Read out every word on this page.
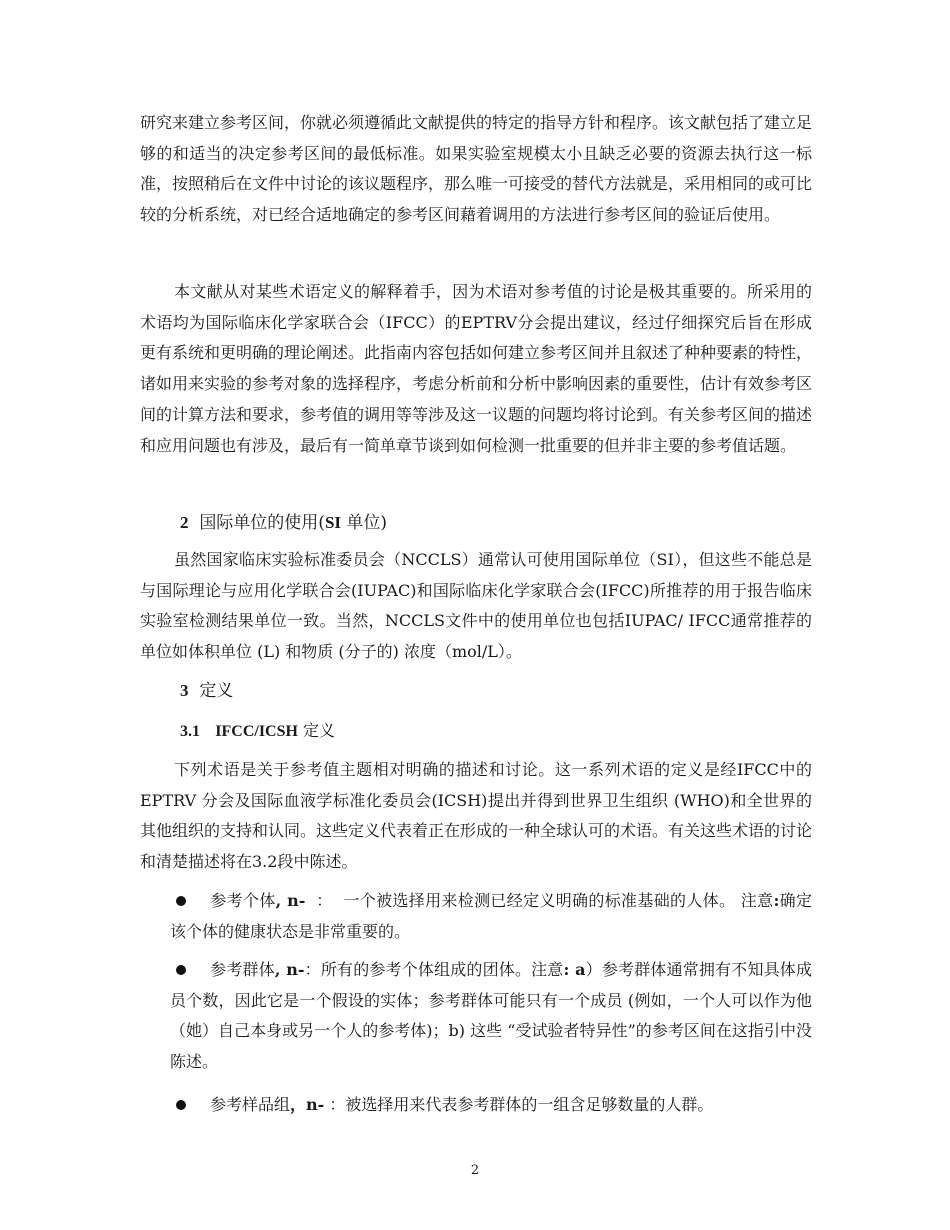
研究来建立参考区间，你就必须遵循此文献提供的特定的指导方针和程序。该文献包括了建立足够的和适当的决定参考区间的最低标准。如果实验室规模太小且缺乏必要的资源去执行这一标准，按照稍后在文件中讨论的该议题程序，那么唯一可接受的替代方法就是，采用相同的或可比较的分析系统，对已经合适地确定的参考区间藉着调用的方法进行参考区间的验证后使用。

本文献从对某些术语定义的解释着手，因为术语对参考值的讨论是极其重要的。所采用的术语均为国际临床化学家联合会（IFCC）的EPTRV分会提出建议，经过仔细探究后旨在形成更有系统和更明确的理论阐述。此指南内容包括如何建立参考区间并且叙述了种种要素的特性，诸如用来实验的参考对象的选择程序，考虑分析前和分析中影响因素的重要性，估计有效参考区间的计算方法和要求，参考值的调用等等涉及这一议题的问题均将讨论到。有关参考区间的描述和应用问题也有涉及，最后有一简单章节谈到如何检测一批重要的但并非主要的参考值话题。

2 国际单位的使用(SI 单位)

虽然国家临床实验标准委员会（NCCLS）通常认可使用国际单位（SI），但这些不能总是与国际理论与应用化学联合会(IUPAC)和国际临床化学家联合会(IFCC)所推荐的用于报告临床实验室检测结果单位一致。当然，NCCLS文件中的使用单位也包括IUPAC/ IFCC通常推荐的单位如体积单位 (L) 和物质 (分子的) 浓度（mol/L）。

3 定义
3.1 IFCC/ICSH 定义

下列术语是关于参考值主题相对明确的描述和讨论。这一系列术语的定义是经IFCC中的EPTRV 分会及国际血液学标准化委员会(ICSH)提出并得到世界卫生组织 (WHO)和全世界的其他组织的支持和认同。这些定义代表着正在形成的一种全球认可的术语。有关这些术语的讨论和清楚描述将在3.2段中陈述。

参考个体, n- ： 一个被选择用来检测已经定义明确的标准基础的人体。 注意:确定该个体的健康状态是非常重要的。

参考群体, n-：所有的参考个体组成的团体。注意: a）参考群体通常拥有不知具体成员个数，因此它是一个假设的实体；参考群体可能只有一个成员 (例如，一个人可以作为他（她）自己本身或另一个人的参考体)；b) 这些 “受试验者特异性”的参考区间在这指引中没陈述。

参考样品组，n- ：被选择用来代表参考群体的一组含足够数量的人群。

2
